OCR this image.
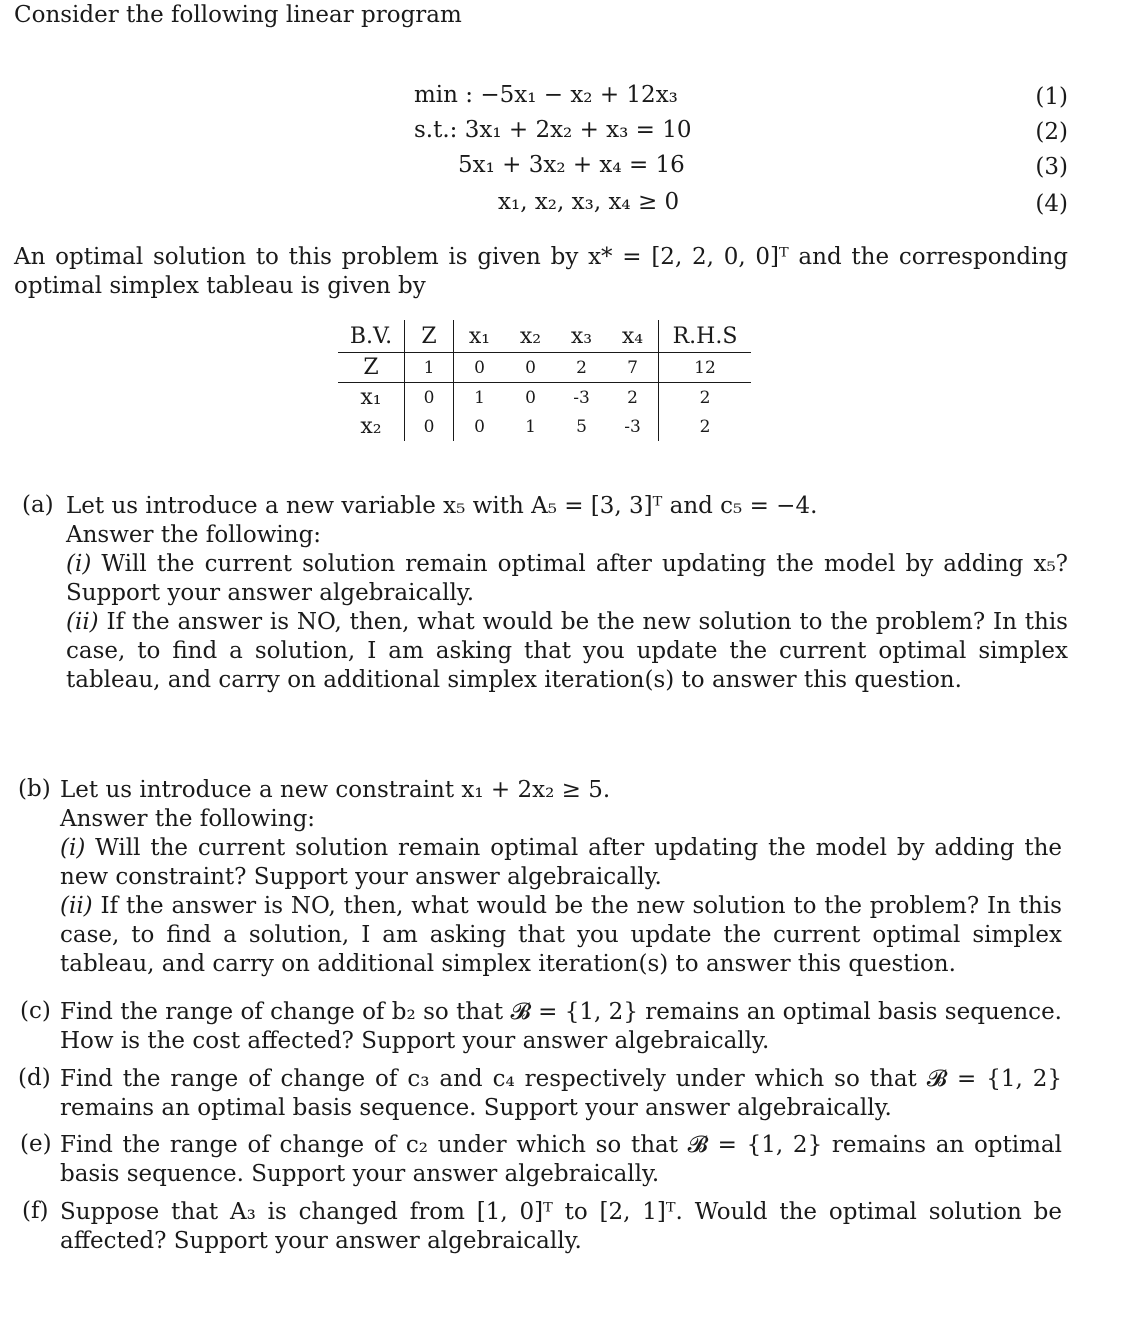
Consider the following linear program
min : −5x₁ − x₂ + 12x₃
s.t.: 3x₁ + 2x₂ + x₃ = 10
5x₁ + 3x₂ + x₄ = 16
x₁, x₂, x₃, x₄ ≥ 0
(1)
(2)
(3)
(4)
An optimal solution to this problem is given by x* = [2, 2, 0, 0]ᵀ and the corresponding optimal simplex tableau is given by
B.V.	Z	x₁	x₂	x₃	x₄	R.H.S
Z	1	0	0	2	7	12
x₁	0	1	0	-3	2	2
x₂	0	0	1	5	-3	2
(a) Let us introduce a new variable x₅ with A₅ = [3, 3]ᵀ and c₅ = −4.
Answer the following:
(i) Will the current solution remain optimal after updating the model by adding x₅? Support your answer algebraically.
(ii) If the answer is NO, then, what would be the new solution to the problem? In this case, to find a solution, I am asking that you update the current optimal simplex tableau, and carry on additional simplex iteration(s) to answer this question.
(b) Let us introduce a new constraint x₁ + 2x₂ ≥ 5.
Answer the following:
(i) Will the current solution remain optimal after updating the model by adding the new constraint? Support your answer algebraically.
(ii) If the answer is NO, then, what would be the new solution to the problem? In this case, to find a solution, I am asking that you update the current optimal simplex tableau, and carry on additional simplex iteration(s) to answer this question.
(c) Find the range of change of b₂ so that 𝓑 = {1, 2} remains an optimal basis sequence. How is the cost affected? Support your answer algebraically.
(d) Find the range of change of c₃ and c₄ respectively under which so that 𝓑 = {1, 2} remains an optimal basis sequence. Support your answer algebraically.
(e) Find the range of change of c₂ under which so that 𝓑 = {1, 2} remains an optimal basis sequence. Support your answer algebraically.
(f) Suppose that A₃ is changed from [1, 0]ᵀ to [2, 1]ᵀ. Would the optimal solution be affected? Support your answer algebraically.
